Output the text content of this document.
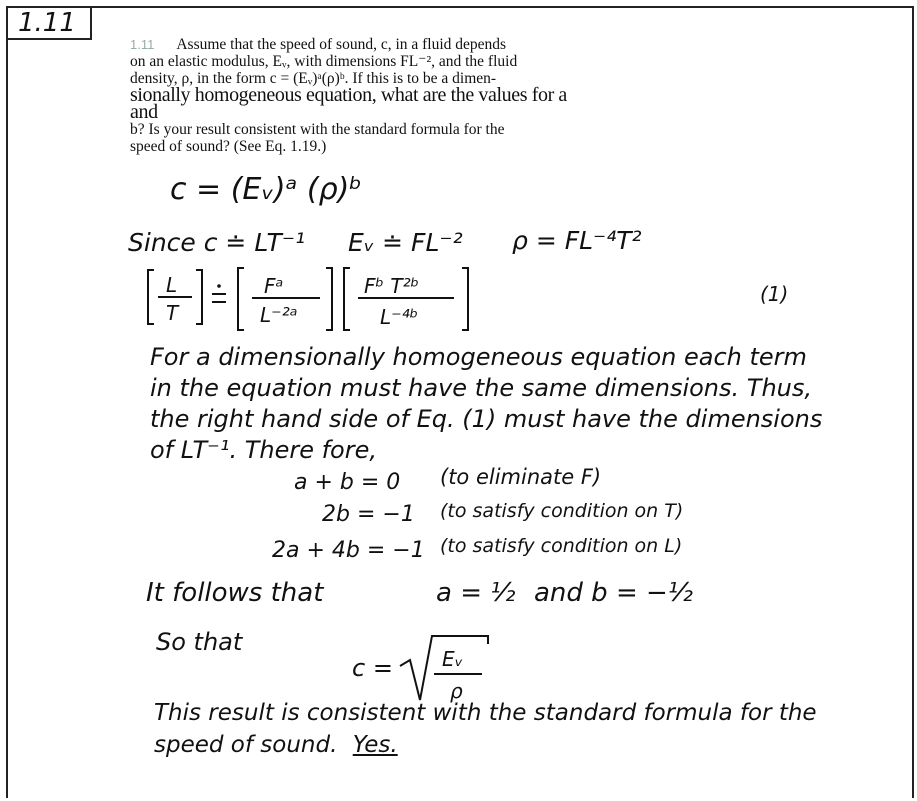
1.11
1.11 Assume that the speed of sound, c, in a fluid depends
on an elastic modulus, Eᵥ, with dimensions FL⁻², and the fluid
density, ρ, in the form c = (Eᵥ)ᵃ(ρ)ᵇ. If this is to be a dimen-
sionally homogeneous equation, what are the values for a and
b? Is your result consistent with the standard formula for the
speed of sound? (See Eq. 1.19.)
c = (Eᵥ)ᵃ (ρ)ᵇ
Since c ≐ LT⁻¹ Eᵥ ≐ FL⁻² ρ = FL⁻⁴T²
L
T
Fᵃ
L⁻²ᵃ
Fᵇ T²ᵇ
L⁻⁴ᵇ
(1)
For a dimensionally homogeneous equation each term
in the equation must have the same dimensions. Thus,
the right hand side of Eq. (1) must have the dimensions
of LT⁻¹. There fore,
a + b = 0 (to eliminate F)
2b = −1 (to satisfy condition on T)
2a + 4b = −1 (to satisfy condition on L)
It follows that	a = ½ and b = −½
So that
c = Eᵥ
ρ
This result is consistent with the standard formula for the
speed of sound. Yes.
